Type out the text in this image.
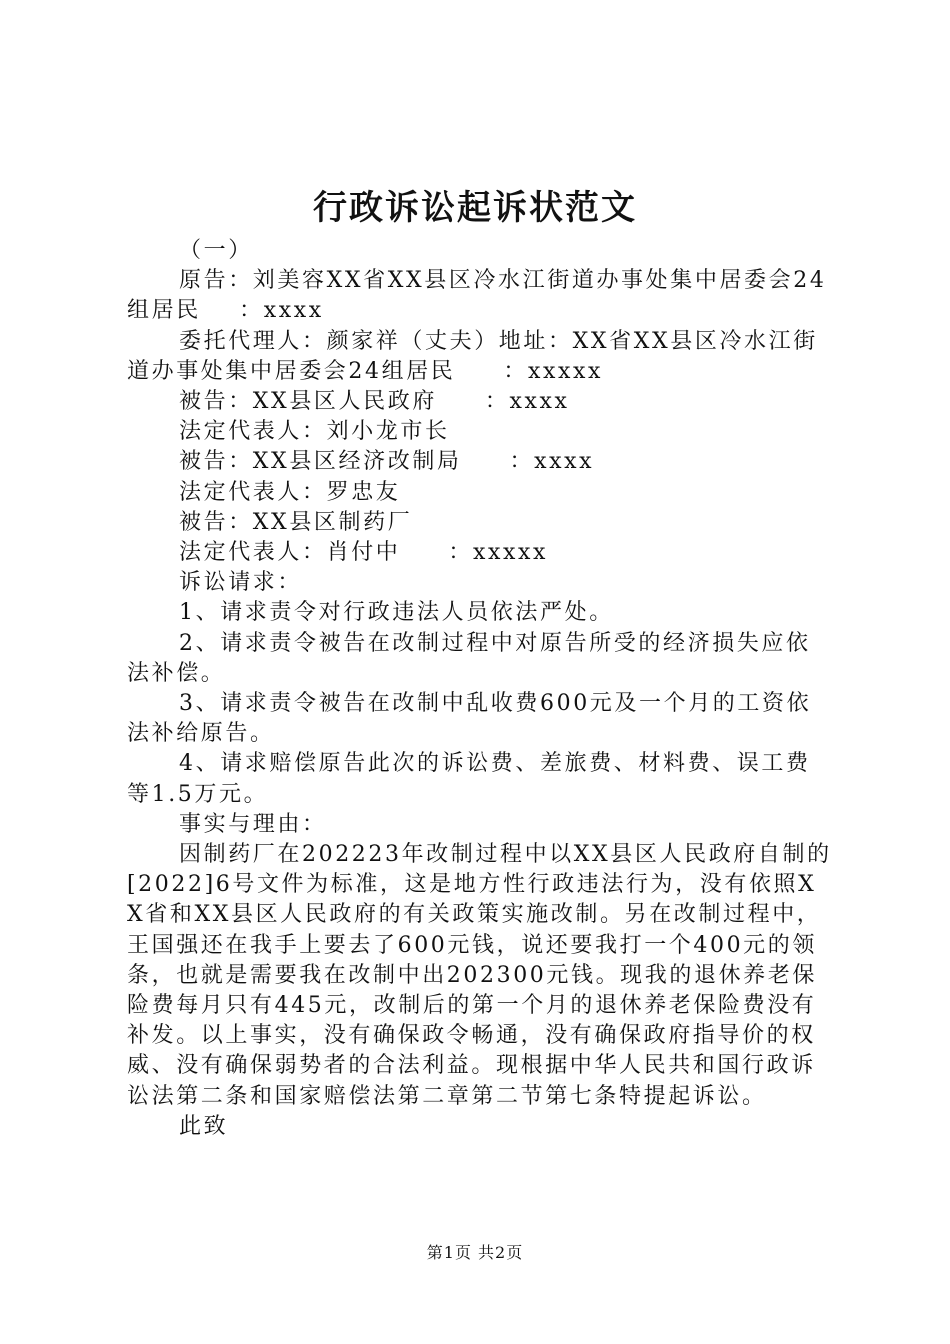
行政诉讼起诉状范文

（一）

原告：刘美容XX省XX县区冷水江街道办事处集中居委会24组居民    ：xxxx

委托代理人：颜家祥（丈夫）地址：XX省XX县区冷水江街道办事处集中居委会24组居民     ：xxxxx

被告：XX县区人民政府     ：xxxx

法定代表人：刘小龙市长

被告：XX县区经济改制局     ：xxxx

法定代表人：罗忠友

被告：XX县区制药厂

法定代表人：肖付中     ：xxxxx

诉讼请求：

1、请求责令对行政违法人员依法严处。

2、请求责令被告在改制过程中对原告所受的经济损失应依法补偿。

3、请求责令被告在改制中乱收费600元及一个月的工资依法补给原告。

4、请求赔偿原告此次的诉讼费、差旅费、材料费、误工费等1.5万元。

事实与理由：

因制药厂在202223年改制过程中以XX县区人民政府自制的[2022]6号文件为标准，这是地方性行政违法行为，没有依照XX省和XX县区人民政府的有关政策实施改制。另在改制过程中，王国强还在我手上要去了600元钱，说还要我打一个400元的领条，也就是需要我在改制中出202300元钱。现我的退休养老保险费每月只有445元，改制后的第一个月的退休养老保险费没有补发。以上事实，没有确保政令畅通，没有确保政府指导价的权威、没有确保弱势者的合法利益。现根据中华人民共和国行政诉讼法第二条和国家赔偿法第二章第二节第七条特提起诉讼。

此致

第1页 共2页
